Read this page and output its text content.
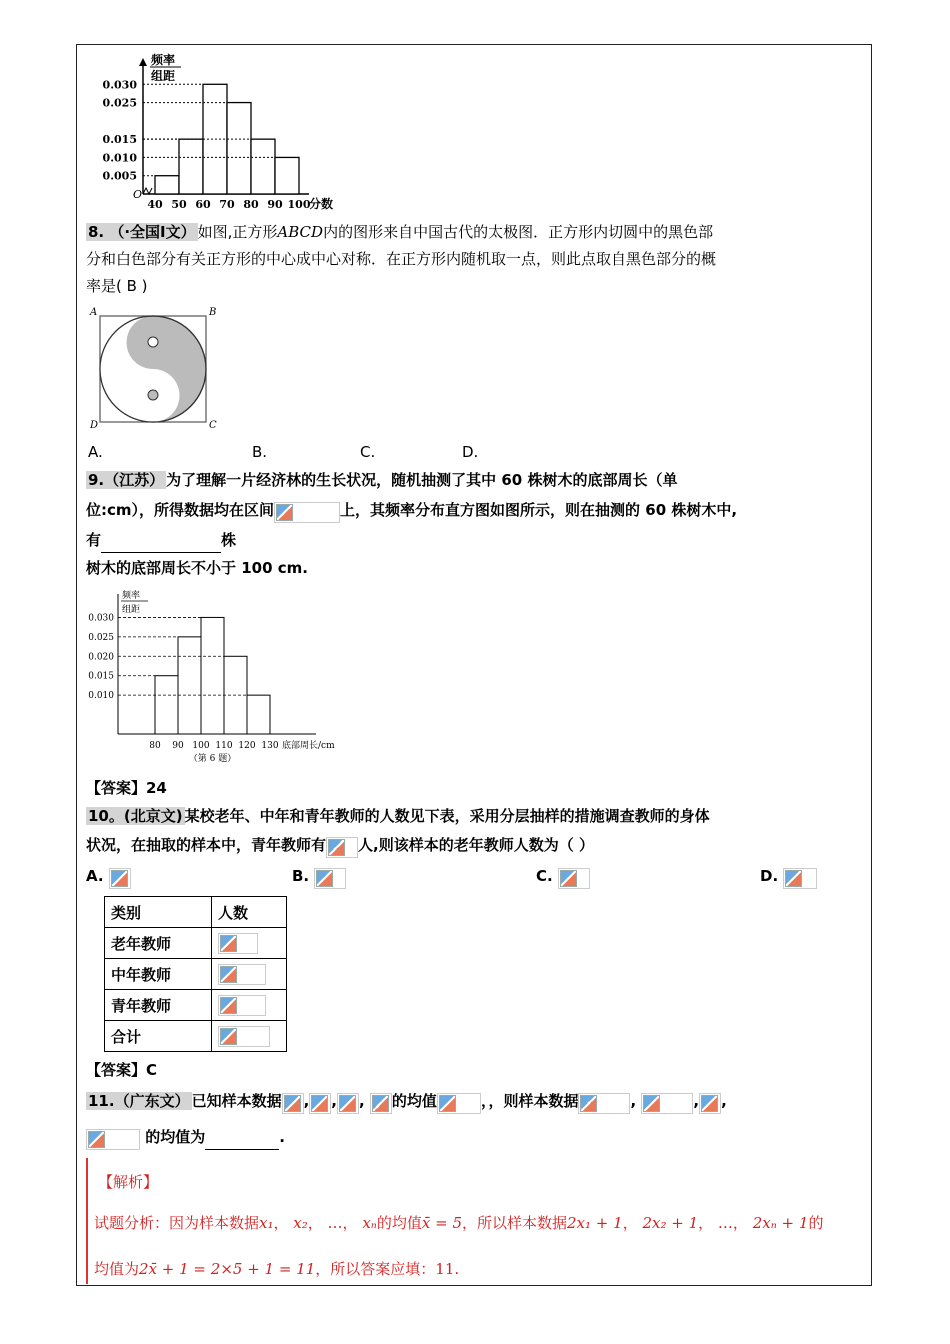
频率
组距
0.030
0.025
0.015
0.010
0.005
40 50 60 70 80 90 100
O
分数
8. （·全国Ⅰ文） 如图,正方形ABCD内的图形来自中国古代的太极图．正方形内切圆中的黑色部
分和白色部分有关正方形的中心成中心对称．在正方形内随机取一点，则此点取自黑色部分的概
率是( B )
A	B
D	C
A.	B.	C.	D.
9.（江苏） 为了理解一片经济林的生长状况，随机抽测了其中 60 株树木的底部周长（单
位:cm），所得数据均在区间	上，其频率分布直方图如图所示，则在抽测的 60 株树木中,
有	株
树木的底部周长不小于 100 cm.
频率
组距
0.030
0.025
0.020
0.015
0.010
80 90 100 110 120 130 底部周长/cm
（第 6 题）
【答案】24
10。(北京文) 某校老年、中年和青年教师的人数见下表，采用分层抽样的措施调查教师的身体
状况，在抽取的样本中，青年教师有 人,则该样本的老年教师人数为（ ）
A.	B.	C.	D.
类别	人数
老年教师	
中年教师	
青年教师	
合计	
【答案】C
11.（广东文） 已知样本数据 , , , 的均值	，，则样本数据	,	, ,
的均值为	.
【解析】
试题分析：因为样本数据x₁， x₂， …， xₙ的均值x̄ = 5，所以样本数据2x₁ + 1， 2x₂ + 1， …， 2xₙ + 1的
均值为2x̄ + 1 = 2×5 + 1 = 11，所以答案应填：11.
